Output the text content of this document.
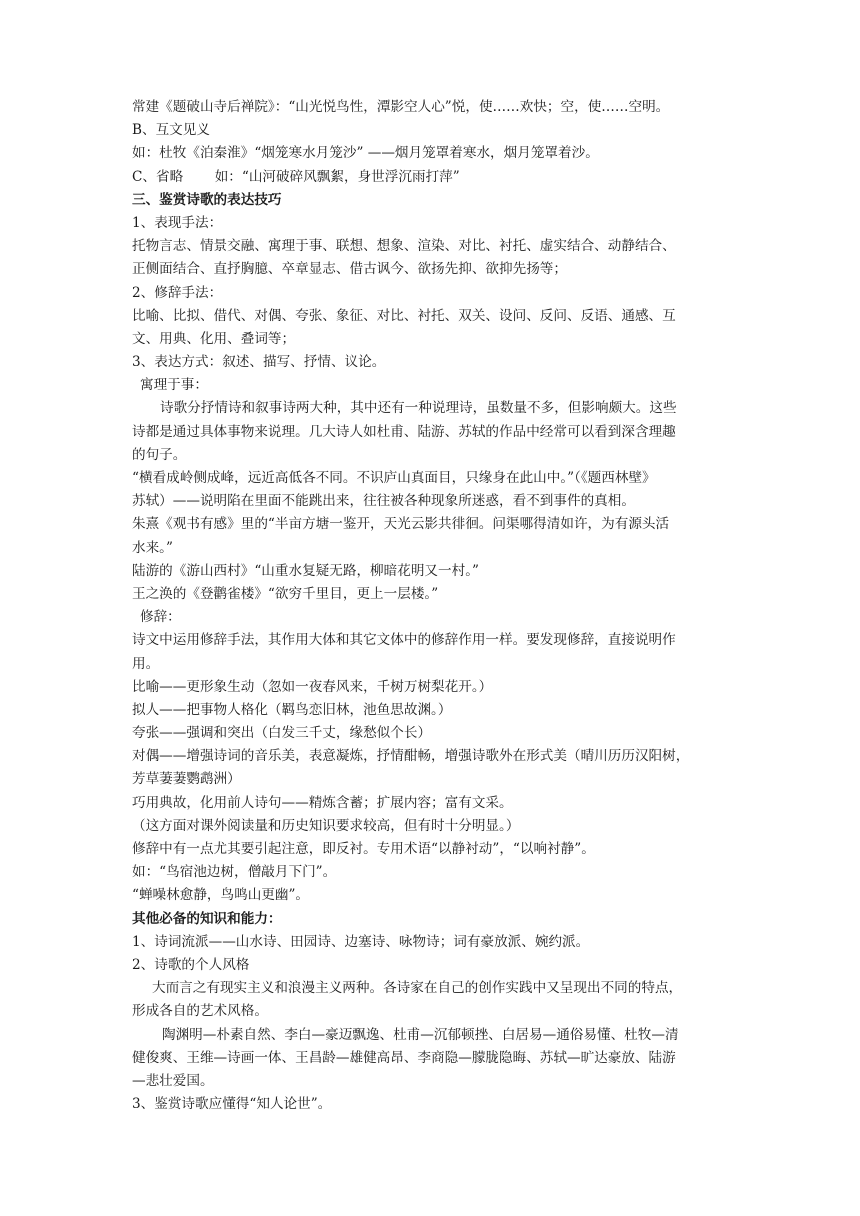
常建《题破山寺后禅院》：“山光悦鸟性，潭影空人心”悦，使……欢快；空，使……空明。
B、互文见义
如：杜牧《泊秦淮》“烟笼寒水月笼沙” ——烟月笼罩着寒水，烟月笼罩着沙。
C、省略　　 如：“山河破碎风飘絮，身世浮沉雨打萍”
三、鉴赏诗歌的表达技巧
1、表现手法：
托物言志、情景交融、寓理于事、联想、想象、渲染、对比、衬托、虚实结合、动静结合、
正侧面结合、直抒胸臆、卒章显志、借古讽今、欲扬先抑、欲抑先扬等；
2、修辞手法：
比喻、比拟、借代、对偶、夸张、象征、对比、衬托、双关、设问、反问、反语、通感、互
文、用典、化用、叠词等；
3、表达方式：叙述、描写、抒情、议论。
寓理于事：
诗歌分抒情诗和叙事诗两大种，其中还有一种说理诗，虽数量不多，但影响颇大。这些
诗都是通过具体事物来说理。几大诗人如杜甫、陆游、苏轼的作品中经常可以看到深含理趣
的句子。
“横看成岭侧成峰，远近高低各不同。不识庐山真面目，只缘身在此山中。”（《题西林壁》
苏轼）——说明陷在里面不能跳出来，往往被各种现象所迷惑，看不到事件的真相。
朱熹《观书有感》里的“半亩方塘一鉴开，天光云影共徘徊。问渠哪得清如许，为有源头活
水来。”
陆游的《游山西村》“山重水复疑无路，柳暗花明又一村。”
王之涣的《登鹳雀楼》“欲穷千里目，更上一层楼。”
修辞：
诗文中运用修辞手法，其作用大体和其它文体中的修辞作用一样。要发现修辞，直接说明作
用。
比喻——更形象生动（忽如一夜春风来，千树万树梨花开。）
拟人——把事物人格化（羁鸟恋旧林，池鱼思故渊。）
夸张——强调和突出（白发三千丈，缘愁似个长）
对偶——增强诗词的音乐美，表意凝炼，抒情酣畅，增强诗歌外在形式美（晴川历历汉阳树，
芳草萋萋鹦鹉洲）
巧用典故，化用前人诗句——精炼含蓄；扩展内容；富有文采。
（这方面对课外阅读量和历史知识要求较高，但有时十分明显。）
修辞中有一点尤其要引起注意，即反衬。专用术语“以静衬动”，“以响衬静”。
如：“鸟宿池边树，僧敲月下门”。
“蝉噪林愈静，鸟鸣山更幽”。
其他必备的知识和能力：
1、诗词流派——山水诗、田园诗、边塞诗、咏物诗；词有豪放派、婉约派。
2、诗歌的个人风格
大而言之有现实主义和浪漫主义两种。各诗家在自己的创作实践中又呈现出不同的特点，
形成各自的艺术风格。
陶渊明—朴素自然、李白—豪迈飘逸、杜甫—沉郁顿挫、白居易—通俗易懂、杜牧—清
健俊爽、王维—诗画一体、王昌龄—雄健高昂、李商隐—朦胧隐晦、苏轼—旷达豪放、陆游
—悲壮爱国。
3、鉴赏诗歌应懂得“知人论世”。
